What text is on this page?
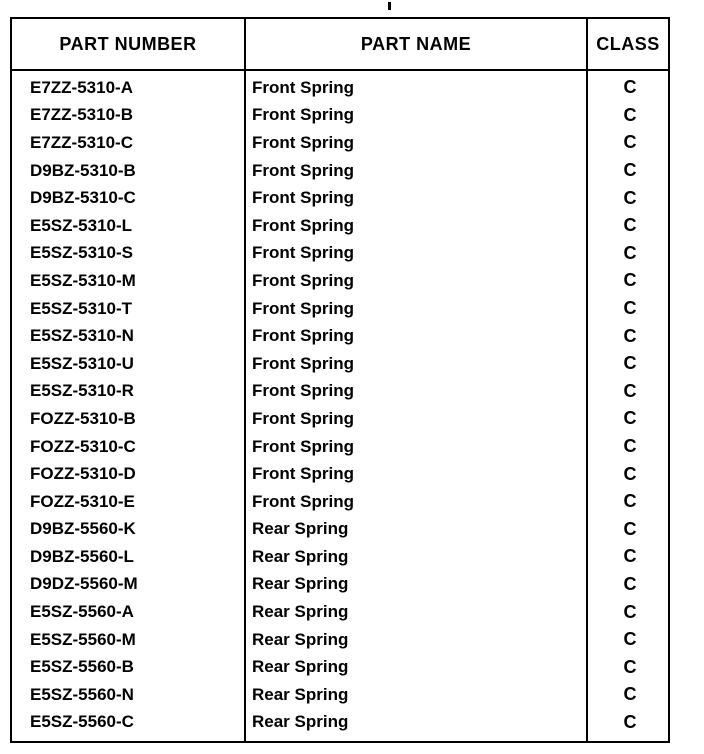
PART NUMBER	PART NAME	CLASS
E7ZZ-5310-A	Front Spring	C
E7ZZ-5310-B	Front Spring	C
E7ZZ-5310-C	Front Spring	C
D9BZ-5310-B	Front Spring	C
D9BZ-5310-C	Front Spring	C
E5SZ-5310-L	Front Spring	C
E5SZ-5310-S	Front Spring	C
E5SZ-5310-M	Front Spring	C
E5SZ-5310-T	Front Spring	C
E5SZ-5310-N	Front Spring	C
E5SZ-5310-U	Front Spring	C
E5SZ-5310-R	Front Spring	C
FOZZ-5310-B	Front Spring	C
FOZZ-5310-C	Front Spring	C
FOZZ-5310-D	Front Spring	C
FOZZ-5310-E	Front Spring	C
D9BZ-5560-K	Rear Spring	C
D9BZ-5560-L	Rear Spring	C
D9DZ-5560-M	Rear Spring	C
E5SZ-5560-A	Rear Spring	C
E5SZ-5560-M	Rear Spring	C
E5SZ-5560-B	Rear Spring	C
E5SZ-5560-N	Rear Spring	C
E5SZ-5560-C	Rear Spring	C
